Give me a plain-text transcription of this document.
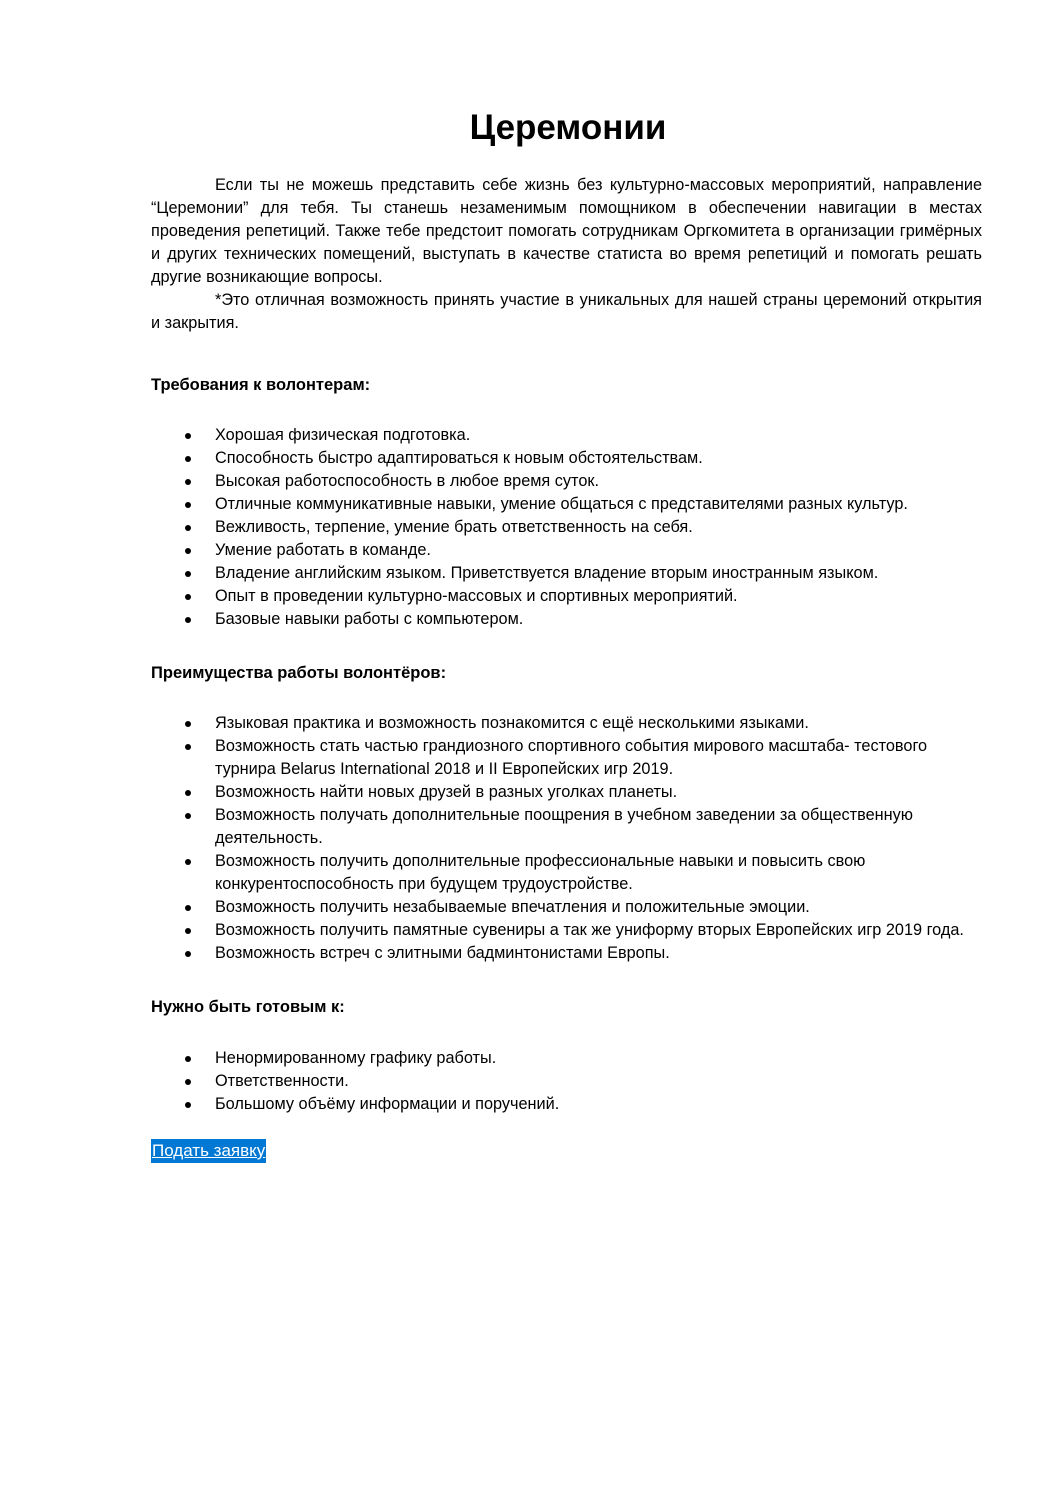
Церемонии

Если ты не можешь представить себе жизнь без культурно-массовых мероприятий, направление “Церемонии” для тебя. Ты станешь незаменимым помощником в обеспечении навигации в местах проведения репетиций. Также тебе предстоит помогать сотрудникам Оргкомитета в организации гримёрных и других технических помещений, выступать в качестве статиста во время репетиций и помогать решать другие возникающие вопросы.

*Это отличная возможность принять участие в уникальных для нашей страны церемоний открытия и закрытия.

Требования к волонтерам:
Хорошая физическая подготовка.
Способность быстро адаптироваться к новым обстоятельствам.
Высокая работоспособность в любое время суток.
Отличные коммуникативные навыки, умение общаться с представителями разных культур.
Вежливость, терпение, умение брать ответственность на себя.
Умение работать в команде.
Владение английским языком. Приветствуется владение вторым иностранным языком.
Опыт в проведении культурно-массовых и спортивных мероприятий.
Базовые навыки работы с компьютером.
Преимущества работы волонтёров:
Языковая практика и возможность познакомится с ещё несколькими языками.
Возможность стать частью грандиозного спортивного события мирового масштаба- тестового турнира Belarus International 2018 и II Европейских игр 2019.
Возможность найти новых друзей в разных уголках планеты.
Возможность получать дополнительные поощрения в учебном заведении за общественную деятельность.
Возможность получить дополнительные профессиональные навыки и повысить свою конкурентоспособность при будущем трудоустройстве.
Возможность получить незабываемые впечатления и положительные эмоции.
Возможность получить памятные сувениры а так же униформу вторых Европейских игр 2019 года.
Возможность встреч с элитными бадминтонистами Европы.
Нужно быть готовым к:
Ненормированному графику работы.
Ответственности.
Большому объёму информации и поручений.
Подать заявку
